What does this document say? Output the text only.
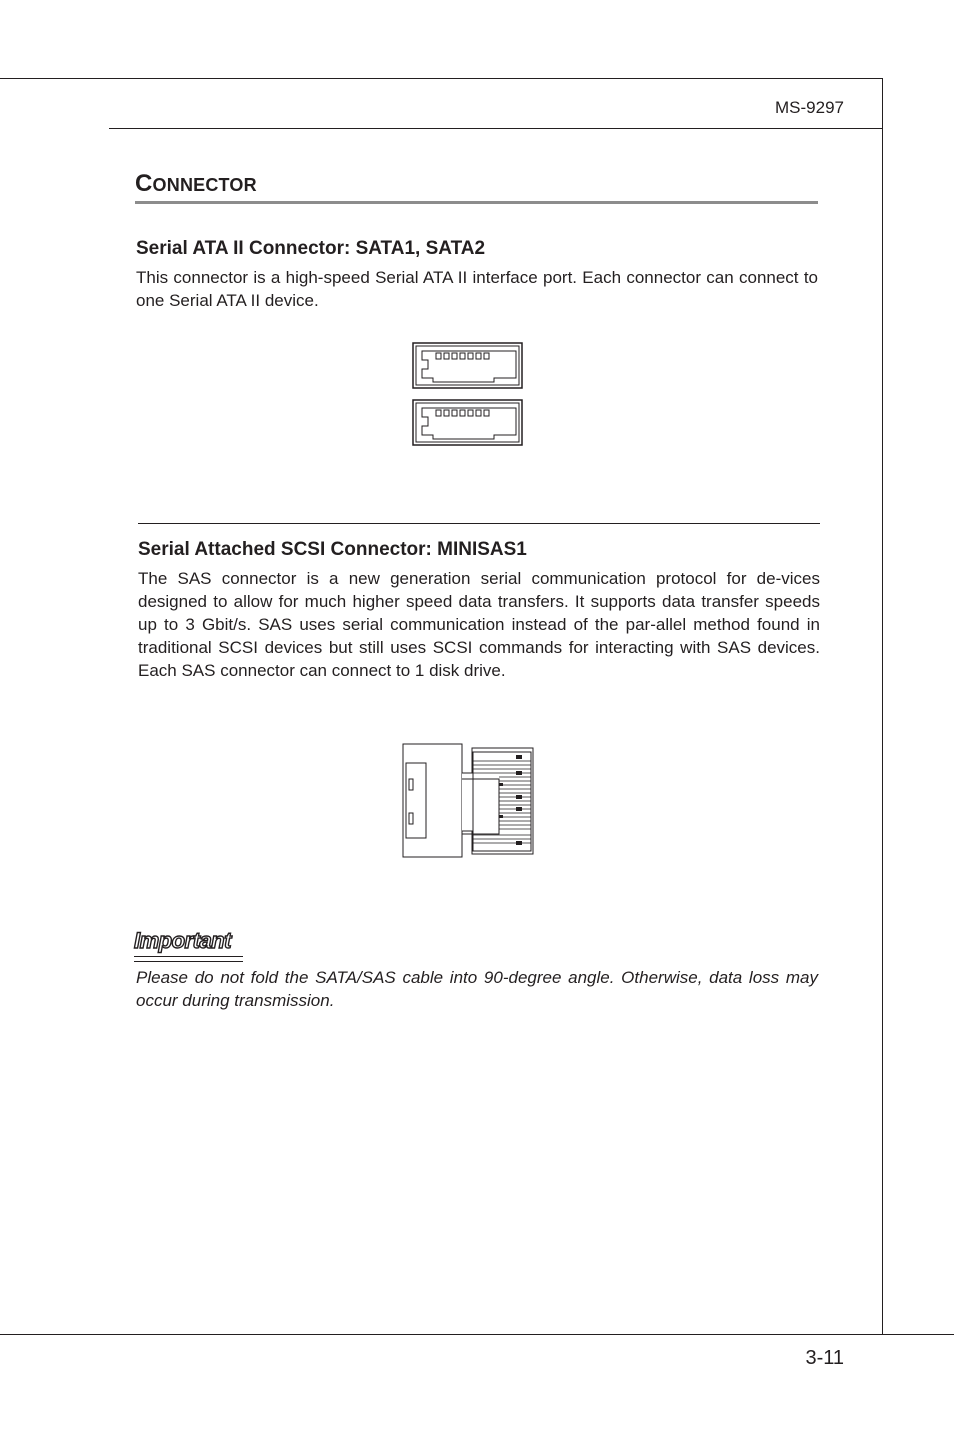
MS-9297
CONNECTOR
Serial ATA II Connector: SATA1, SATA2
This connector is a high-speed Serial ATA II interface port. Each connector can connect to one Serial ATA II device.
Serial Attached SCSI Connector: MINISAS1
The SAS connector is a new generation serial communication protocol for de-vices designed to allow for much higher speed data transfers. It supports data transfer speeds up to 3 Gbit/s. SAS uses serial communication instead of the par-allel method found in traditional SCSI devices but still uses SCSI commands for interacting with SAS devices. Each SAS connector can connect to 1 disk drive.
Important
Please do not fold the SATA/SAS cable into 90-degree angle. Otherwise, data loss may occur during transmission.
3-11
